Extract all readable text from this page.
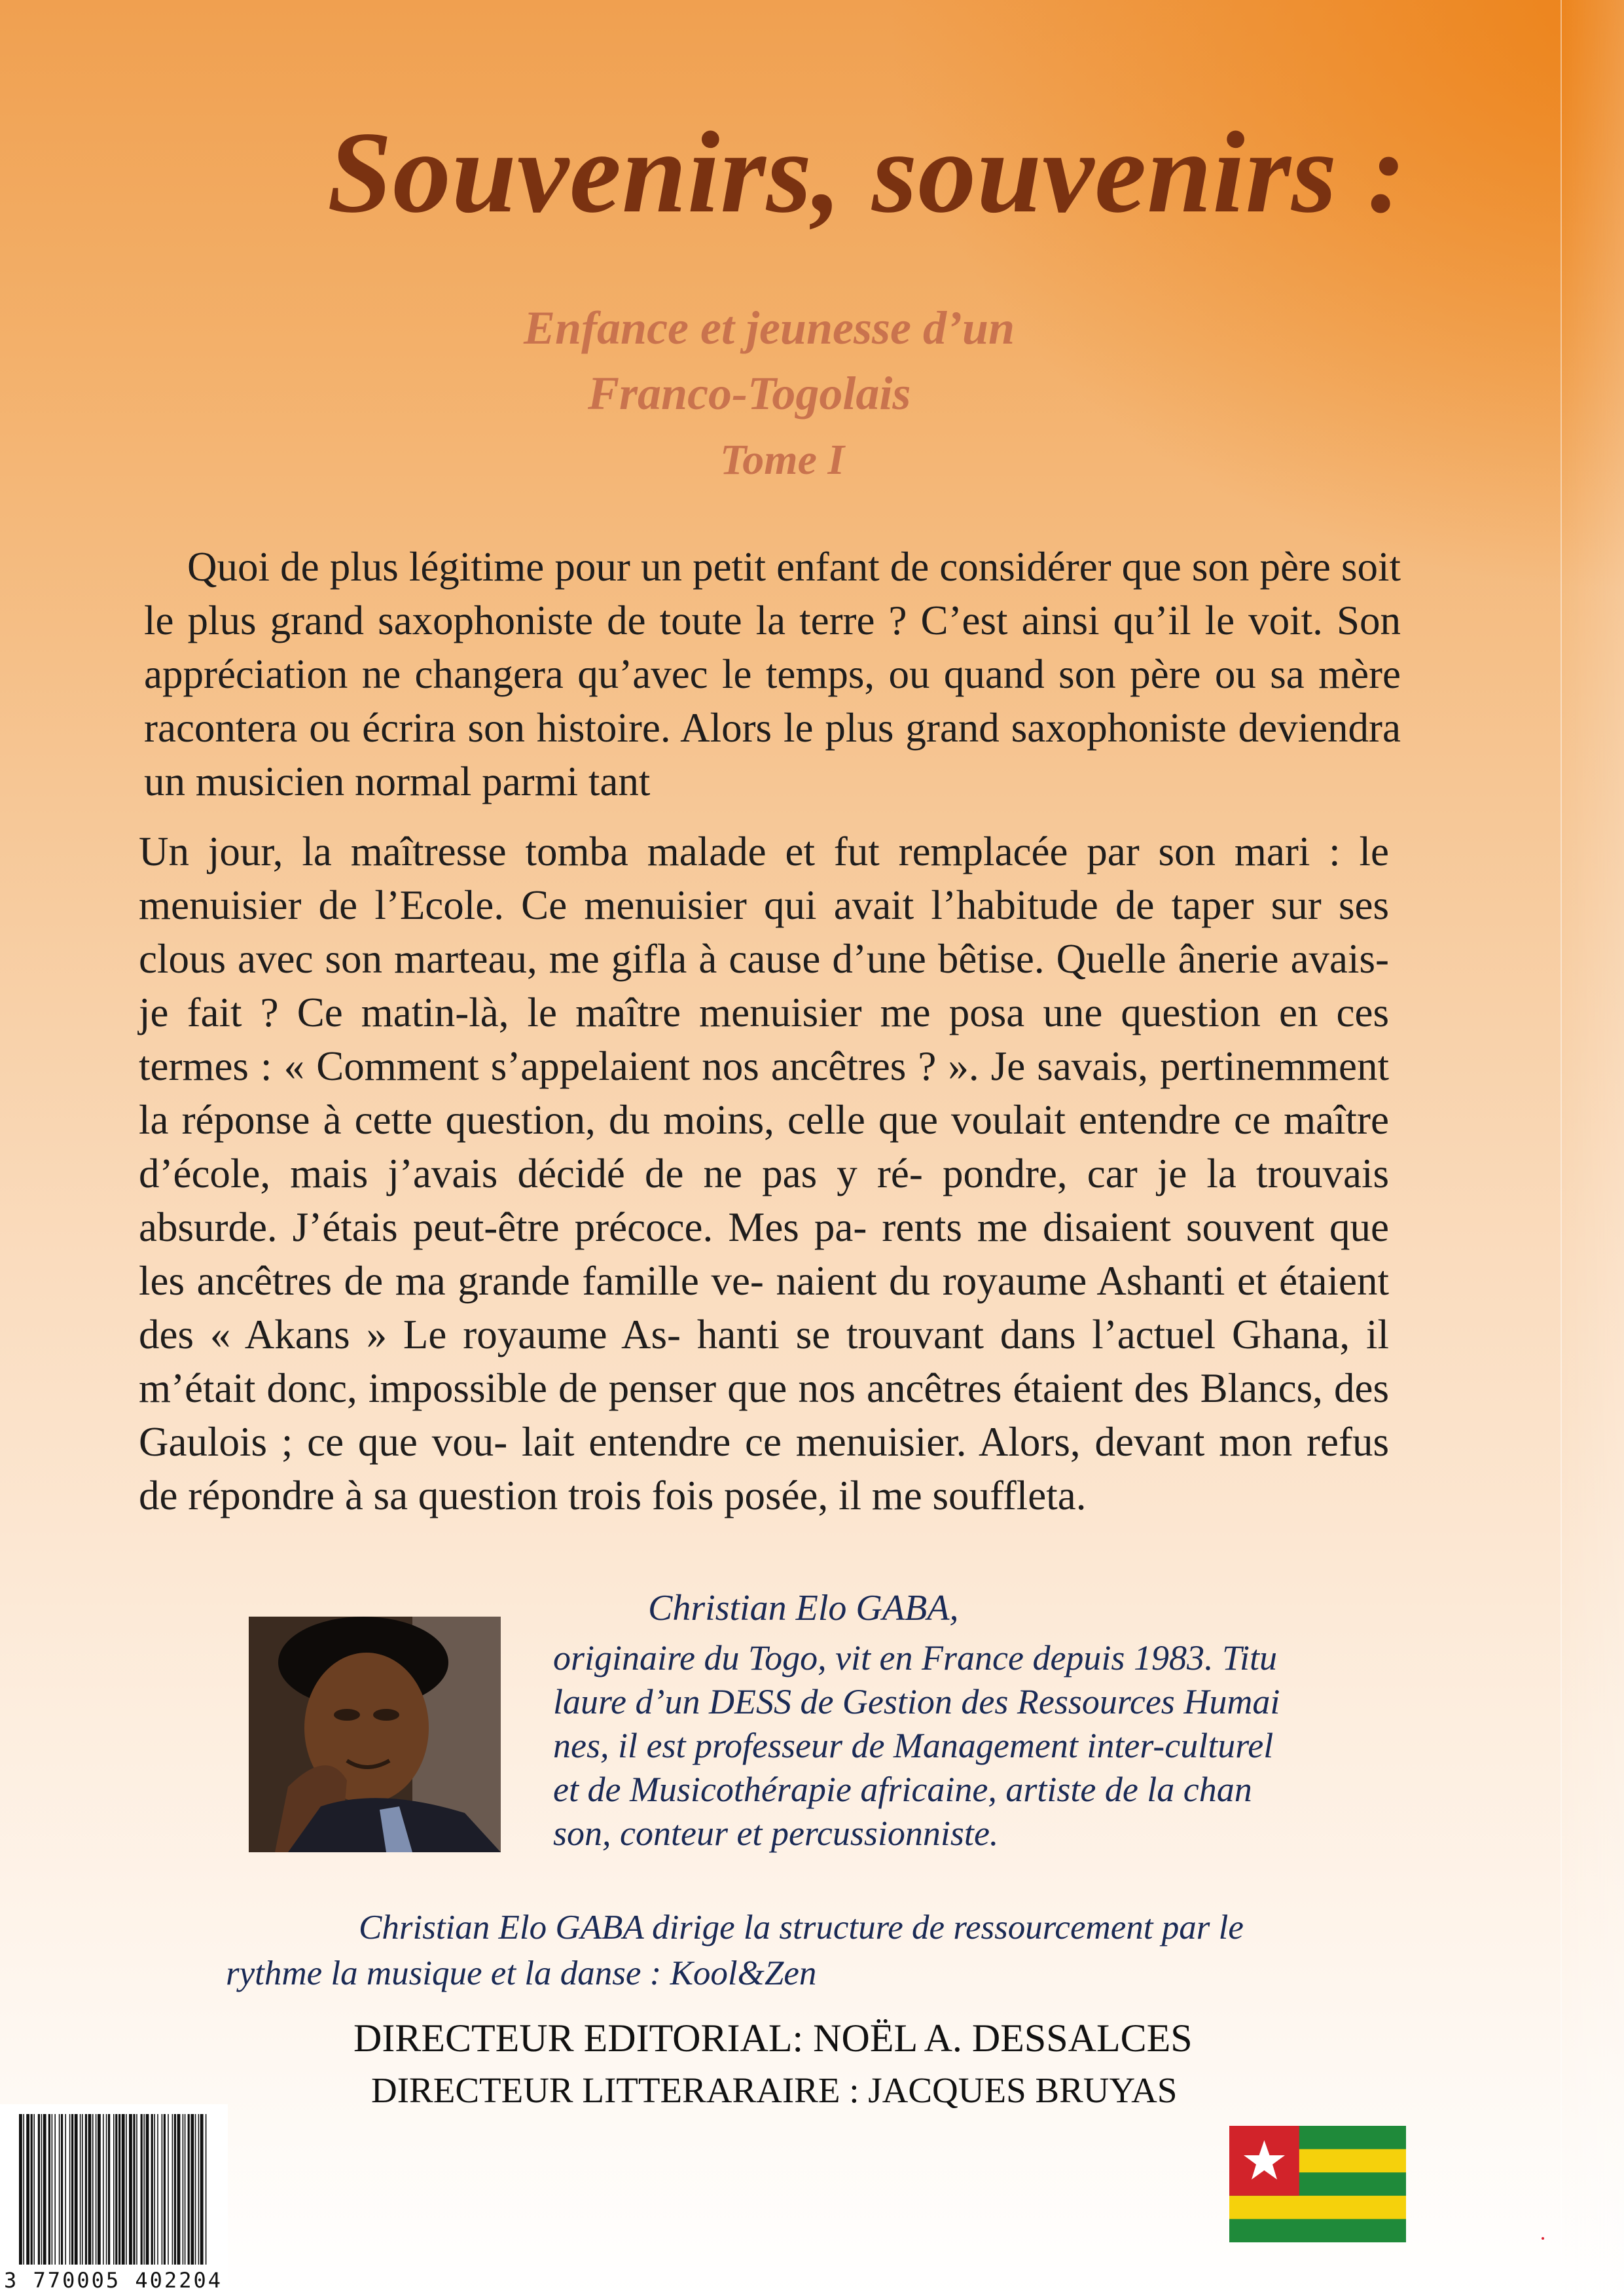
Souvenirs, souvenirs :
Enfance et jeunesse d’un
Franco-Togolais
Tome I
Quoi de plus légitime pour un petit enfant de considérer que son père soit le plus grand saxophoniste de toute la terre ? C’est ainsi qu’il le voit. Son appréciation ne changera qu’avec le temps, ou quand son père ou sa mère racontera ou écrira son histoire. Alors le plus grand saxophoniste deviendra un musicien normal parmi tant
Un jour, la maîtresse tomba malade et fut remplacée par son mari : le menuisier de l’Ecole. Ce menuisier qui avait l’habitude de taper sur ses clous avec son marteau, me gifla à cause d’une bêtise. Quelle ânerie avais-je fait ? Ce matin-là, le maître menuisier me posa une question en ces termes : « Comment s’appelaient nos ancêtres ? ». Je savais, pertinemment la réponse à cette question, du moins, celle que voulait entendre ce maître d’école, mais j’avais décidé de ne pas y ré- pondre, car je la trouvais absurde. J’étais peut-être précoce. Mes pa- rents me disaient souvent que les ancêtres de ma grande famille ve- naient du royaume Ashanti et étaient des « Akans » Le royaume As- hanti se trouvant dans l’actuel Ghana, il m’était donc, impossible de penser que nos ancêtres étaient des Blancs, des Gaulois ; ce que vou- lait entendre ce menuisier. Alors, devant mon refus de répondre à sa question trois fois posée, il me souffleta.
Christian Elo GABA,
originaire du Togo, vit en France depuis 1983. Titu
laure d’un DESS de Gestion des Ressources Humai
nes, il est professeur de Management inter-culturel
et de Musicothérapie africaine, artiste de la chan
son, conteur et percussionniste.
Christian Elo GABA dirige la structure de ressourcement par le
rythme la musique et la danse : Kool&Zen
DIRECTEUR EDITORIAL: NOËL A. DESSALCES
DIRECTEUR LITTERARAIRE : JACQUES BRUYAS
3 770005 402204
